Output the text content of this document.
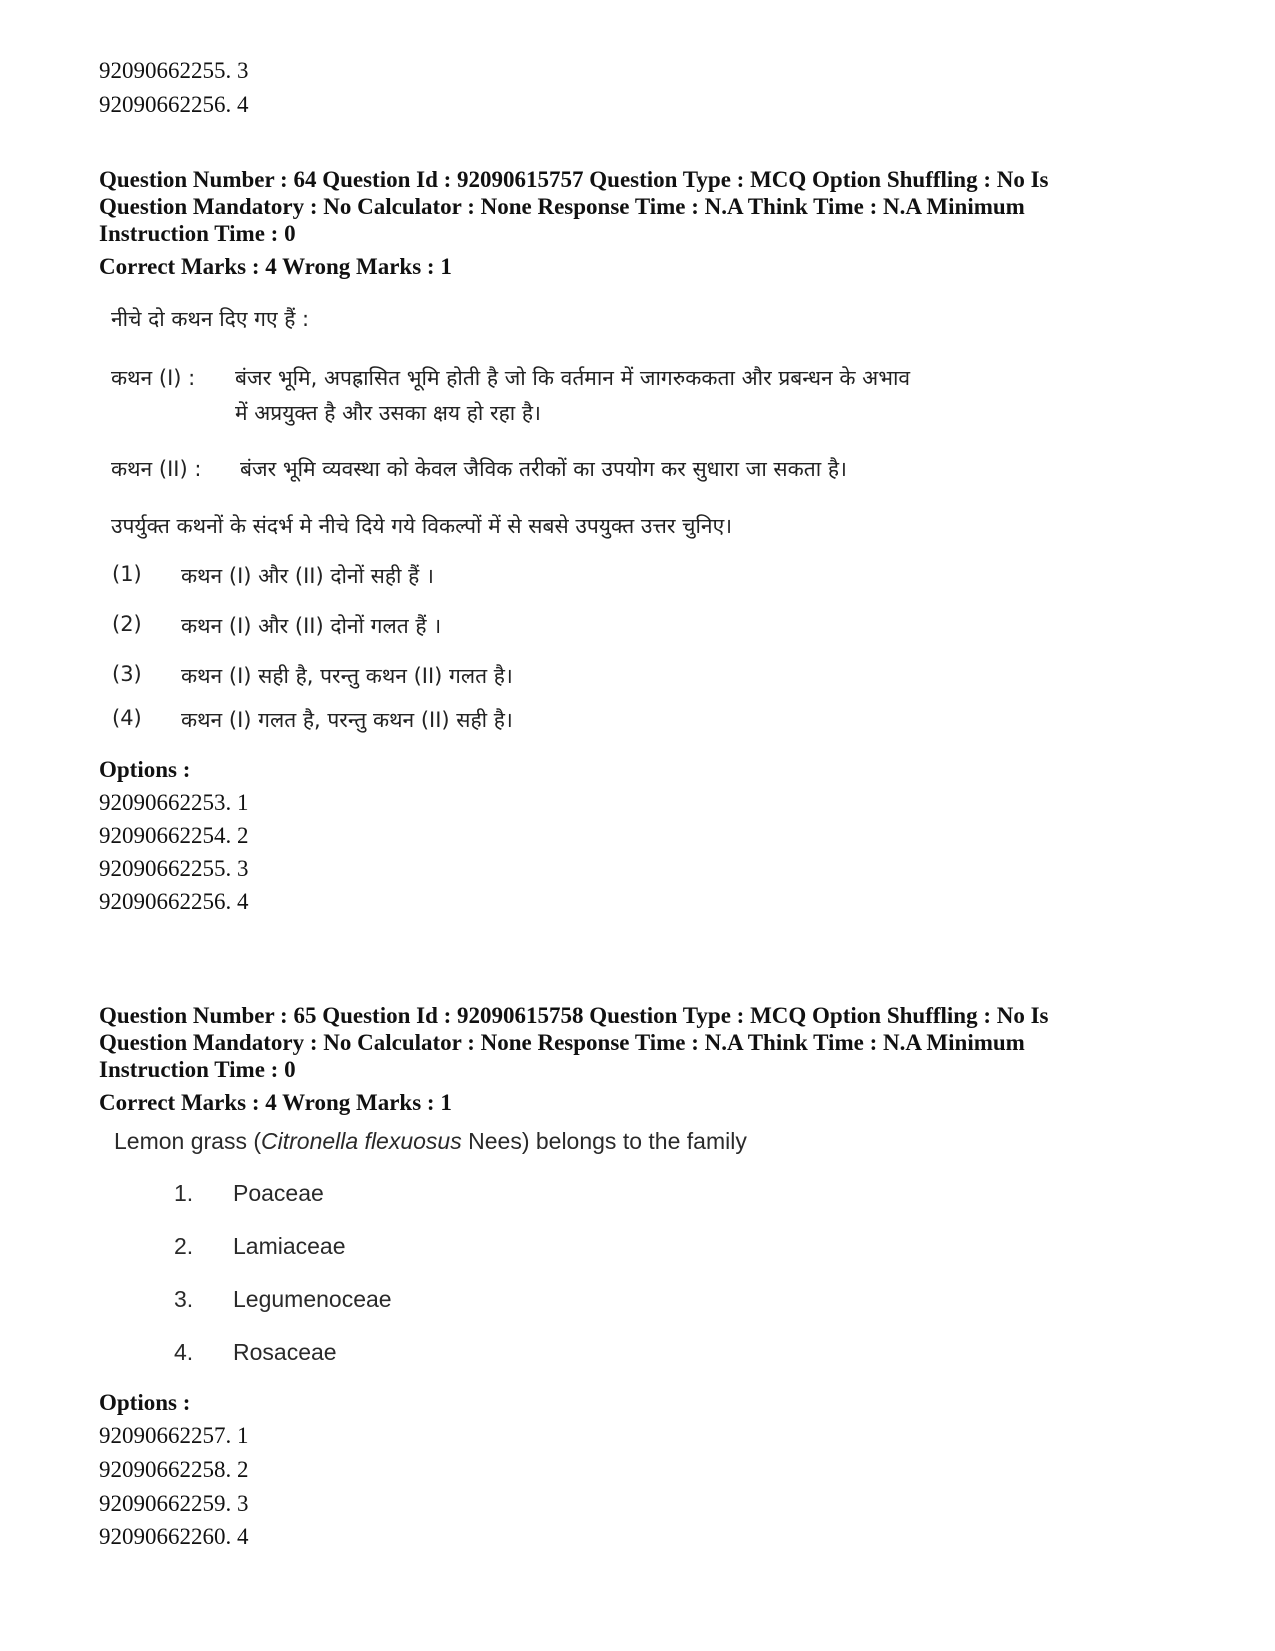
92090662255. 3
92090662256. 4
Question Number : 64 Question Id : 92090615757 Question Type : MCQ Option Shuffling : No Is
Question Mandatory : No Calculator : None Response Time : N.A Think Time : N.A Minimum
Instruction Time : 0
Correct Marks : 4 Wrong Marks : 1
नीचे दो कथन दिए गए हैं :
कथन (I) : बंजर भूमि, अपह्रासित भूमि होती है जो कि वर्तमान में जागरुककता और प्रबन्धन के अभाव
में अप्रयुक्त है और उसका क्षय हो रहा है।
कथन (II) : बंजर भूमि व्यवस्था को केवल जैविक तरीकों का उपयोग कर सुधारा जा सकता है।
उपर्युक्त कथनों के संदर्भ मे नीचे दिये गये विकल्पों में से सबसे उपयुक्त उत्तर चुनिए।
(1) कथन (I) और (II) दोनों सही हैं ।
(2) कथन (I) और (II) दोनों गलत हैं ।
(3) कथन (I) सही है, परन्तु कथन (II) गलत है।
(4) कथन (I) गलत है, परन्तु कथन (II) सही है।
Options :
92090662253. 1
92090662254. 2
92090662255. 3
92090662256. 4
Question Number : 65 Question Id : 92090615758 Question Type : MCQ Option Shuffling : No Is
Question Mandatory : No Calculator : None Response Time : N.A Think Time : N.A Minimum
Instruction Time : 0
Correct Marks : 4 Wrong Marks : 1
Lemon grass (Citronella flexuosus Nees) belongs to the family
1. Poaceae
2. Lamiaceae
3. Legumenoceae
4. Rosaceae
Options :
92090662257. 1
92090662258. 2
92090662259. 3
92090662260. 4
